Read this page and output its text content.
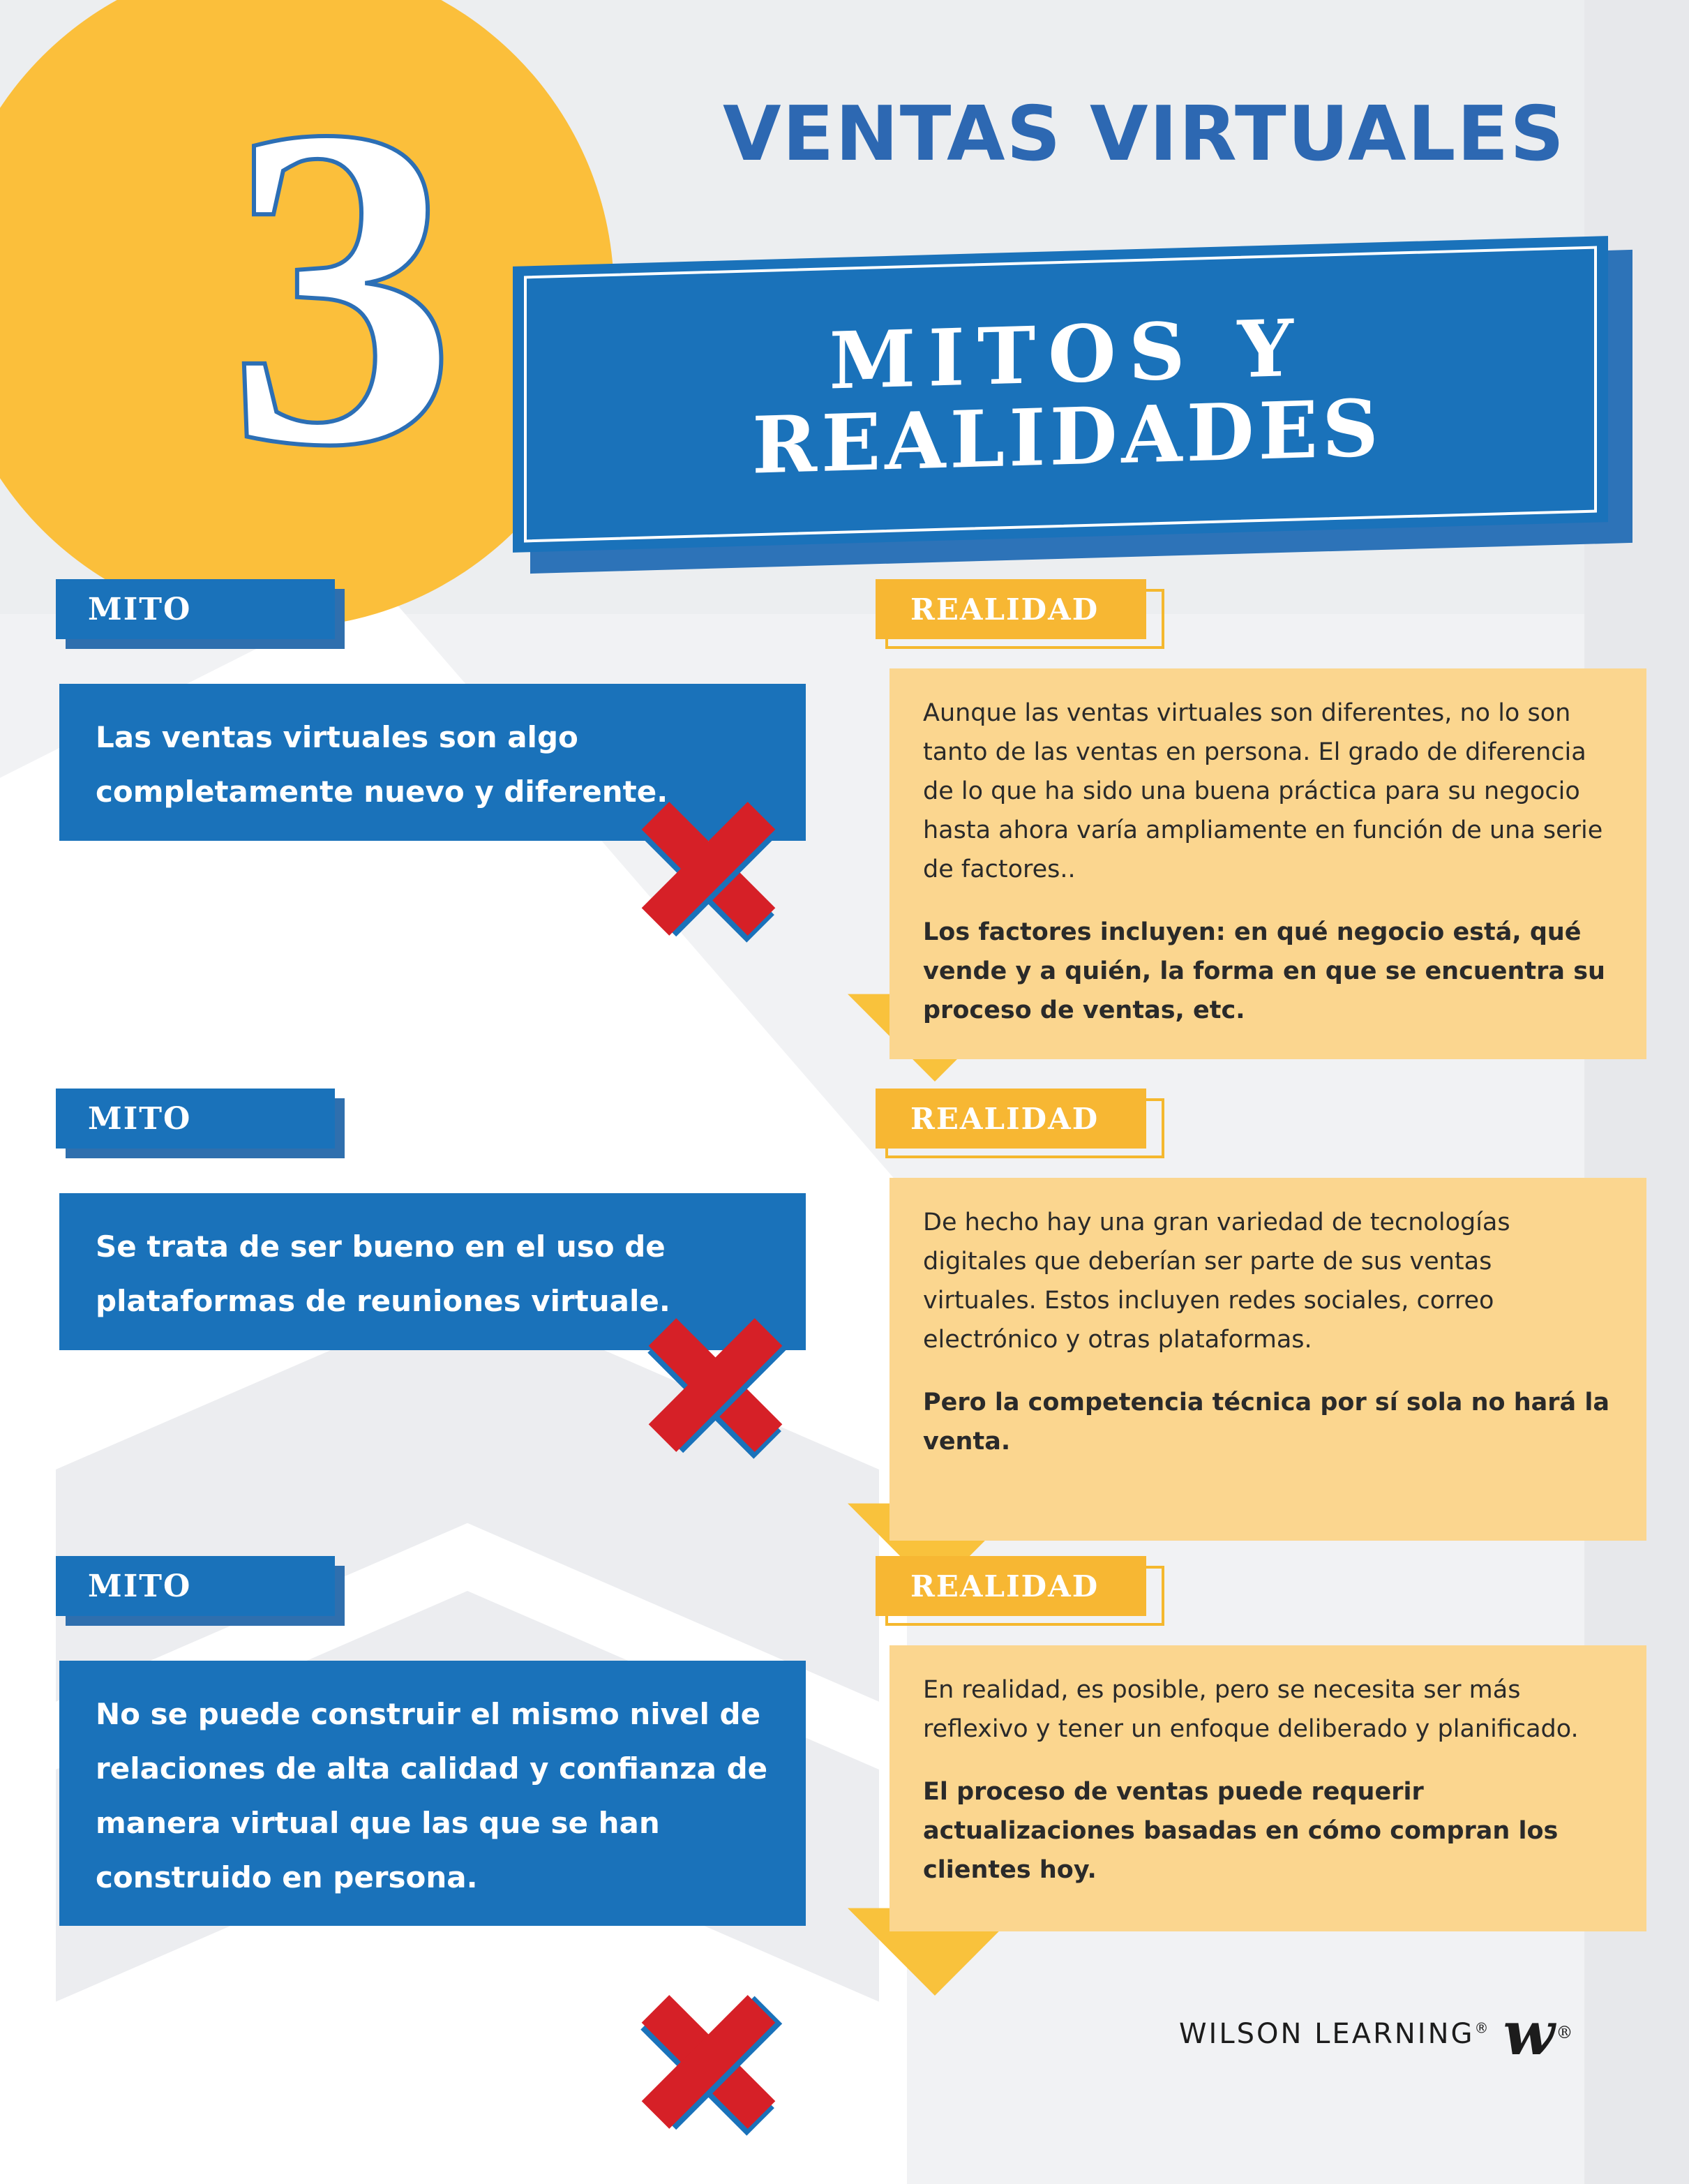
3	VENTAS VIRTUALES
MITOS Y
REALIDADES
MITO
Las ventas virtuales son algo completamente nuevo y diferente.
REALIDAD

Aunque las ventas virtuales son diferentes, no lo son tanto de las ventas en persona. El grado de diferencia de lo que ha sido una buena práctica para su negocio hasta ahora varía ampliamente en función de una serie de factores..

Los factores incluyen: en qué negocio está, qué vende y a quién, la forma en que se encuentra su proceso de ventas, etc.

MITO
Se trata de ser bueno en el uso de plataformas de reuniones virtuale.
REALIDAD

De hecho hay una gran variedad de tecnologías digitales que deberían ser parte de sus ventas virtuales. Estos incluyen redes sociales, correo electrónico y otras plataformas.

Pero la competencia técnica por sí sola no hará la venta.

MITO
No se puede construir el mismo nivel de relaciones de alta calidad y confianza de manera virtual que las que se han construido en persona.
REALIDAD

En realidad, es posible, pero se necesita ser más reflexivo y tener un enfoque deliberado y planificado.

El proceso de ventas puede requerir actualizaciones basadas en cómo compran los clientes hoy.

WILSON LEARNING® w ®
